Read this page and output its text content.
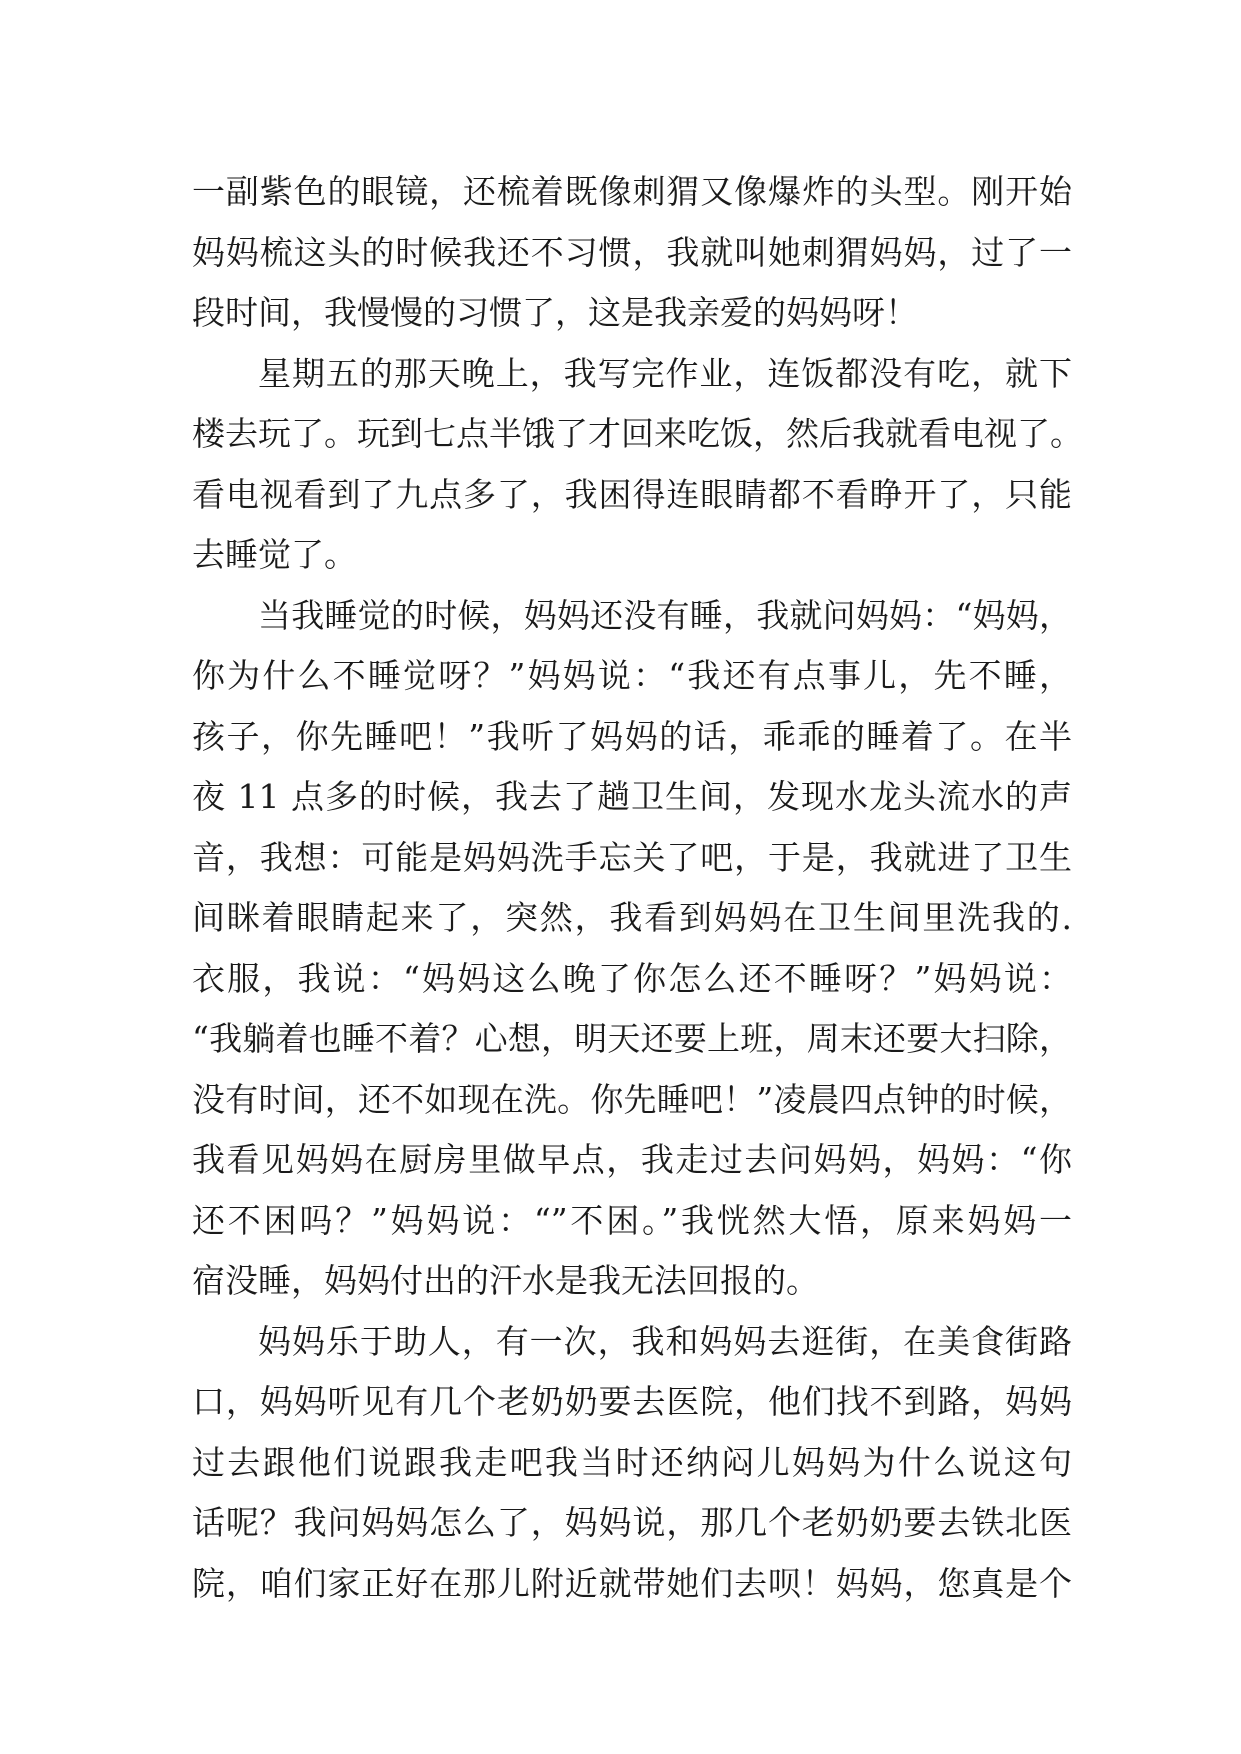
一副紫色的眼镜，还梳着既像刺猬又像爆炸的头型。刚开始
妈妈梳这头的时候我还不习惯，我就叫她刺猬妈妈，过了一
段时间，我慢慢的习惯了，这是我亲爱的妈妈呀！
星期五的那天晚上，我写完作业，连饭都没有吃，就下
楼去玩了。玩到七点半饿了才回来吃饭，然后我就看电视了。
看电视看到了九点多了，我困得连眼睛都不看睁开了，只能
去睡觉了。
当我睡觉的时候，妈妈还没有睡，我就问妈妈：“妈妈，
你为什么不睡觉呀？”妈妈说：“我还有点事儿，先不睡，
孩子，你先睡吧！”我听了妈妈的话，乖乖的睡着了。在半
夜 11 点多的时候，我去了趟卫生间，发现水龙头流水的声
音，我想：可能是妈妈洗手忘关了吧，于是，我就进了卫生
间眯着眼睛起来了，突然，我看到妈妈在卫生间里洗我的.
衣服，我说：“妈妈这么晚了你怎么还不睡呀？”妈妈说：
“我躺着也睡不着？心想，明天还要上班，周末还要大扫除，
没有时间，还不如现在洗。你先睡吧！”凌晨四点钟的时候，
我看见妈妈在厨房里做早点，我走过去问妈妈，妈妈：“你
还不困吗？”妈妈说：“”不困。”我恍然大悟，原来妈妈一
宿没睡，妈妈付出的汗水是我无法回报的。
妈妈乐于助人，有一次，我和妈妈去逛街，在美食街路
口，妈妈听见有几个老奶奶要去医院，他们找不到路，妈妈
过去跟他们说跟我走吧我当时还纳闷儿妈妈为什么说这句
话呢？我问妈妈怎么了，妈妈说，那几个老奶奶要去铁北医
院，咱们家正好在那儿附近就带她们去呗！妈妈，您真是个
